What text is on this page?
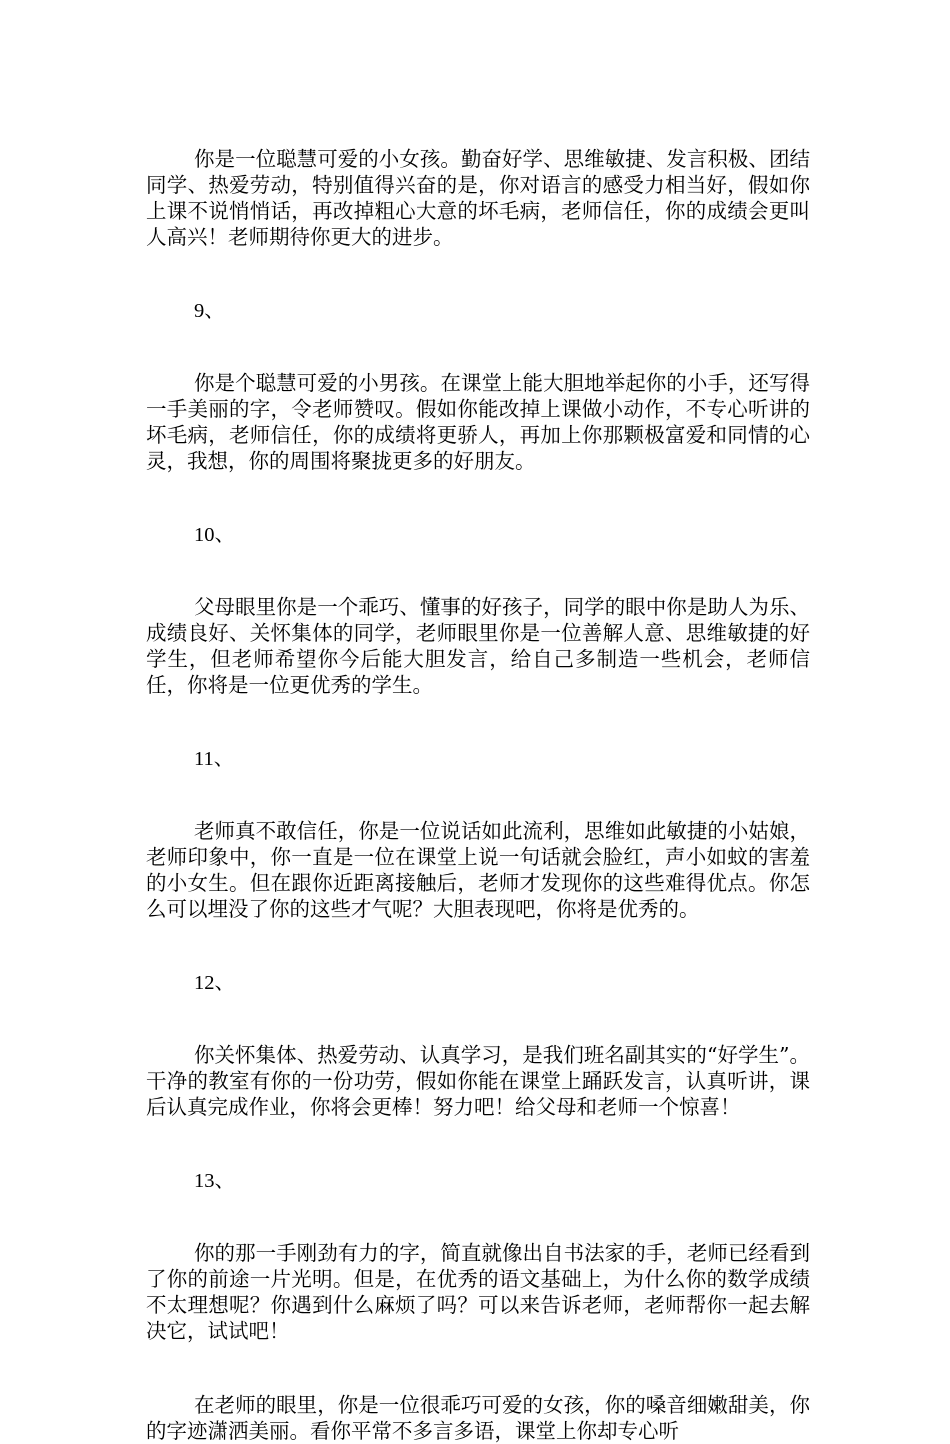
你是一位聪慧可爱的小女孩。勤奋好学、思维敏捷、发言积极、团结同学、热爱劳动，特别值得兴奋的是，你对语言的感受力相当好，假如你上课不说悄悄话，再改掉粗心大意的坏毛病，老师信任，你的成绩会更叫人高兴！老师期待你更大的进步。

9、

你是个聪慧可爱的小男孩。在课堂上能大胆地举起你的小手，还写得一手美丽的字，令老师赞叹。假如你能改掉上课做小动作，不专心听讲的坏毛病，老师信任，你的成绩将更骄人，再加上你那颗极富爱和同情的心灵，我想，你的周围将聚拢更多的好朋友。

10、

父母眼里你是一个乖巧、懂事的好孩子，同学的眼中你是助人为乐、成绩良好、关怀集体的同学，老师眼里你是一位善解人意、思维敏捷的好学生，但老师希望你今后能大胆发言，给自己多制造一些机会，老师信任，你将是一位更优秀的学生。

11、

老师真不敢信任，你是一位说话如此流利，思维如此敏捷的小姑娘，老师印象中，你一直是一位在课堂上说一句话就会脸红，声小如蚊的害羞的小女生。但在跟你近距离接触后，老师才发现你的这些难得优点。你怎么可以埋没了你的这些才气呢？大胆表现吧，你将是优秀的。

12、

你关怀集体、热爱劳动、认真学习，是我们班名副其实的“好学生”。干净的教室有你的一份功劳，假如你能在课堂上踊跃发言，认真听讲，课后认真完成作业，你将会更棒！努力吧！给父母和老师一个惊喜！

13、

你的那一手刚劲有力的字，简直就像出自书法家的手，老师已经看到了你的前途一片光明。但是，在优秀的语文基础上，为什么你的数学成绩不太理想呢？你遇到什么麻烦了吗？可以来告诉老师，老师帮你一起去解决它，试试吧！

在老师的眼里，你是一位很乖巧可爱的女孩，你的嗓音细嫩甜美，你的字迹潇洒美丽。看你平常不多言多语，课堂上你却专心听
